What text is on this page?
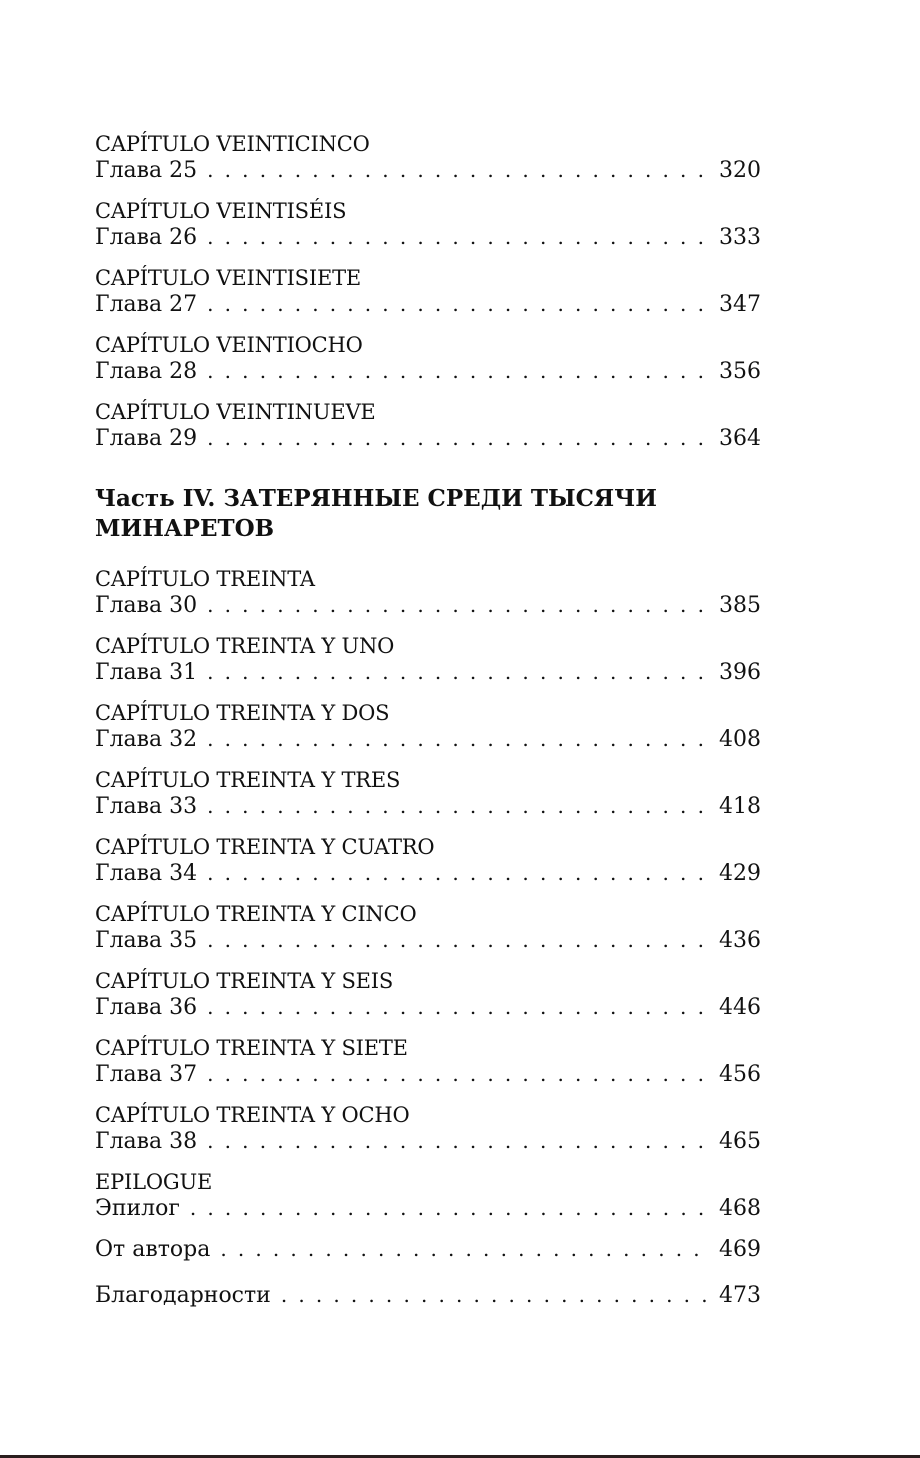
CAPÍTULO VEINTICINCO
Глава 25 . . .	320
CAPÍTULO VEINTISÉIS
Глава 26 . . .	333
CAPÍTULO VEINTISIETE
Глава 27 . . .	347
CAPÍTULO VEINTIOCHO
Глава 28 . . .	356
CAPÍTULO VEINTINUEVE
Глава 29 . . .	364
Часть IV. ЗАТЕРЯННЫЕ СРЕДИ ТЫСЯЧИ МИНАРЕТОВ
CAPÍTULO TREINTA
Глава 30 . . .	385
CAPÍTULO TREINTA Y UNO
Глава 31 . . .	396
CAPÍTULO TREINTA Y DOS
Глава 32 . . .	408
CAPÍTULO TREINTA Y TRES
Глава 33 . . .	418
CAPÍTULO TREINTA Y CUATRO
Глава 34 . . .	429
CAPÍTULO TREINTA Y CINCO
Глава 35 . . .	436
CAPÍTULO TREINTA Y SEIS
Глава 36 . . .	446
CAPÍTULO TREINTA Y SIETE
Глава 37 . . .	456
CAPÍTULO TREINTA Y OCHO
Глава 38 . . .	465
EPILOGUE
Эпилог . . .	468
От автора . . .	469
Благодарности . . .	473
